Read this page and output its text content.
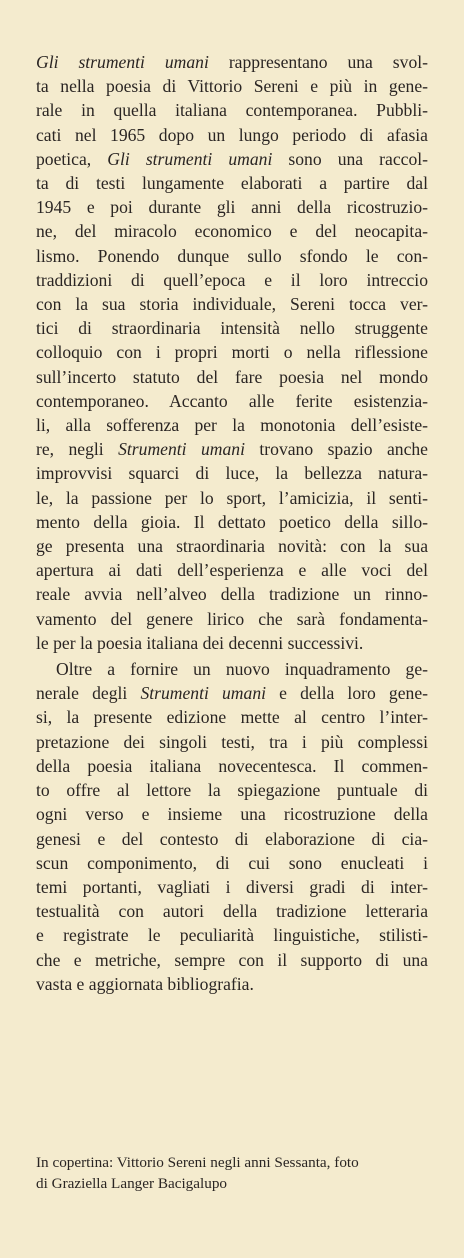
Gli strumenti umani rappresentano una svol-
ta nella poesia di Vittorio Sereni e più in gene-
rale in quella italiana contemporanea. Pubbli-
cati nel 1965 dopo un lungo periodo di afasia
poetica, Gli strumenti umani sono una raccol-
ta di testi lungamente elaborati a partire dal
1945 e poi durante gli anni della ricostruzio-
ne, del miracolo economico e del neocapita-
lismo. Ponendo dunque sullo sfondo le con-
traddizioni di quell’epoca e il loro intreccio
con la sua storia individuale, Sereni tocca ver-
tici di straordinaria intensità nello struggente
colloquio con i propri morti o nella riflessione
sull’incerto statuto del fare poesia nel mondo
contemporaneo. Accanto alle ferite esistenzia-
li, alla sofferenza per la monotonia dell’esiste-
re, negli Strumenti umani trovano spazio anche
improvvisi squarci di luce, la bellezza natura-
le, la passione per lo sport, l’amicizia, il senti-
mento della gioia. Il dettato poetico della sillo-
ge presenta una straordinaria novità: con la sua
apertura ai dati dell’esperienza e alle voci del
reale avvia nell’alveo della tradizione un rinno-
vamento del genere lirico che sarà fondamenta-
le per la poesia italiana dei decenni successivi.
Oltre a fornire un nuovo inquadramento ge-
nerale degli Strumenti umani e della loro gene-
si, la presente edizione mette al centro l’inter-
pretazione dei singoli testi, tra i più complessi
della poesia italiana novecentesca. Il commen-
to offre al lettore la spiegazione puntuale di
ogni verso e insieme una ricostruzione della
genesi e del contesto di elaborazione di cia-
scun componimento, di cui sono enucleati i
temi portanti, vagliati i diversi gradi di inter-
testualità con autori della tradizione letteraria
e registrate le peculiarità linguistiche, stilisti-
che e metriche, sempre con il supporto di una
vasta e aggiornata bibliografia.
In copertina: Vittorio Sereni negli anni Sessanta, foto
di Graziella Langer Bacigalupo
